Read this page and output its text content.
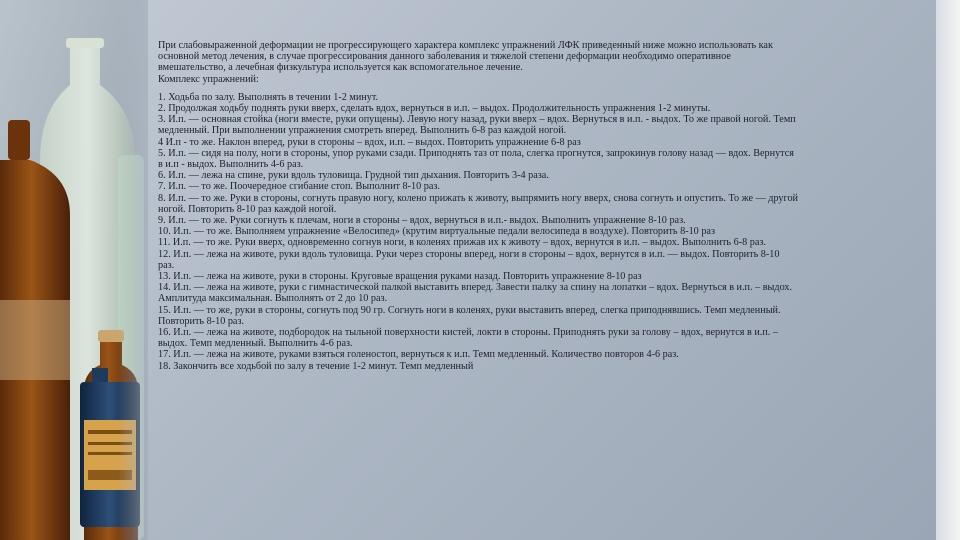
При слабовыраженной деформации не прогрессирующего характера комплекс упражнений ЛФК приведенный ниже можно использовать как основной метод лечения, в случае прогрессирования данного заболевания и тяжелой степени деформации необходимо оперативное вмешательство, а лечебная физкультура используется как вспомогательное лечение.

Комплекс упражнений:

1. Ходьба по залу. Выполнять в течении 1-2 минут.
2. Продолжая ходьбу поднять руки вверх, сделать вдох, вернуться в и.п. – выдох. Продолжительность упражнения 1-2 минуты.
3. И.п. — основная стойка (ноги вместе, руки опущены). Левую ногу назад, руки вверх – вдох. Вернуться в и.п. - выдох. То же правой ногой. Темп медленный. При выполнении упражнения смотреть вперед. Выполнить 6-8 раз каждой ногой.
4 И.п - то же. Наклон вперед, руки в стороны – вдох, и.п. – выдох. Повторить упражнение 6-8 раз
5. И.п. — сидя на полу, ноги в стороны, упор руками сзади. Приподнять таз от пола, слегка прогнутся, запрокинув голову назад — вдох. Вернутся в и.п - выдох. Выполнить 4-6 раз.
6. И.п. — лежа на спине, руки вдоль туловища. Грудной тип дыхания. Повторить 3-4 раза.
7. И.п. — то же. Поочередное сгибание стоп. Выполнит 8-10 раз.
8. И.п. — то же. Руки в стороны, согнуть правую ногу, колено прижать к животу, выпрямить ногу вверх, снова согнуть и опустить. То же — другой ногой. Повторить 8-10 раз каждой ногой.
9. И.п. — то же. Руки согнуть к плечам, ноги в стороны – вдох, вернуться в и.п.- выдох. Выполнить упражнение 8-10 раз.
10. И.п. — то же. Выполняем упражнение «Велосипед» (крутим виртуальные педали велосипеда в воздухе). Повторить 8-10 раз
11. И.п. — то же. Руки вверх, одновременно согнув ноги, в коленях прижав их к животу – вдох, вернутся в и.п. – выдох. Выполнить 6-8 раз.
12. И.п. — лежа на животе, руки вдоль туловища. Руки через стороны вперед, ноги в стороны – вдох, вернутся в и.п. — выдох. Повторить 8-10 раз.
13. И.п. — лежа на животе, руки в стороны. Круговые вращения руками назад. Повторить упражнение 8-10 раз
14. И.п. — лежа на животе, руки с гимнастической палкой выставить вперед. Завести палку за спину на лопатки – вдох. Вернуться в и.п. – выдох. Амплитуда максимальная. Выполнять от 2 до 10 раз.
15. И.п. — то же, руки в стороны, согнуть под 90 гр. Согнуть ноги в коленях, руки выставить вперед, слегка приподнявшись. Темп медленный. Повторить 8-10 раз.
16. И.п. — лежа на животе, подбородок на тыльной поверхности кистей, локти в стороны. Приподнять руки за голову – вдох, вернутся в и.п. – выдох. Темп медленный. Выполнить 4-6 раз.
17. И.п. — лежа на животе, руками взяться голеностоп, вернуться к и.п. Темп медленный. Количество повторов 4-6 раз.
18. Закончить все ходьбой по залу в течение 1-2 минут. Темп медленный
